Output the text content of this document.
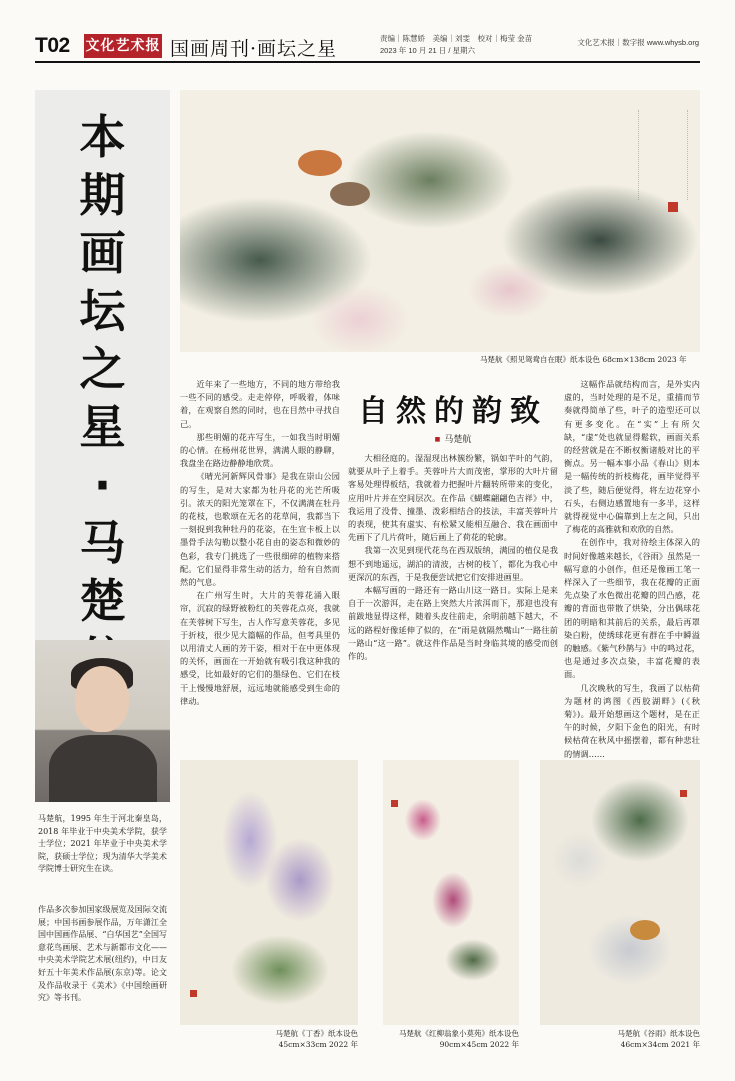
T02 文化艺术报 国画周刊·画坛之星	责编｜陈慧娇　美编｜刘雯　校对｜梅莹 金苗
2023 年 10 月 21 日 / 星期六
文化艺术报｜数字报 www.whysb.org
本
期
画
坛
之
星
·
马
楚
马楚航，1995 年生于河北秦皇岛，2018 年毕业于中央美术学院，获学士学位；2021 年毕业于中央美术学院，获硕士学位；现为清华大学美术学院博士研究生在读。
作品多次参加国家级展览及国际交流展；中国书画参展作品，万年潇江全国中国画作品展、“白华国艺”全国写意花鸟画展、艺术与新都市文化——中央美术学院艺术展(纽约)，中日友好五十年美术作品展(东京)等。论文及作品收录于《美术》《中国绘画研究》等书刊。
马楚航《照见鸳鸯自在眠》纸本设色 68cm×138cm 2023 年

近年来了一些地方，不同的地方带给我一些不同的感受。走走停停，呼吸着，体味着，在观察自然的同时，也在目然中寻找自己。

那些明媚的花卉写生，一如我当时明媚的心情。在杨州花世界，满满人眼的静聊，我盘坐在路边静静地欣赏。

《晴光河新辉风骨事》是我在崇山公园的写生，是对大家都为牡丹花的光芒所吸引。浓天的阳光笼罩在下，不仅满满在牡丹的花枝，也歌颂在无名的花草间，我都当下一刻捉到我种牡丹的花姿，在生宣卡板上以墨骨手法勾勒以整小花自由的姿态和微妙的色彩，我专门挑选了一些很细碎的植物来搭配。它们显得非常生动的活力，给有自然而然的气息。

在广州写生时，大片的芙蓉花涌入眼帘，沉寂的绿野被粉红的芙蓉花点亮，我就在芙蓉树下写生，古人作写意芙蓉花，多见于折枝，很少见大篇幅的作品，但考具里仍以用清丈人画的芳干姿，相对于在中更体现的关怀，画面在一开始就有吸引我这种我的感受，比如最好的它们的墨绿色、它们在枝干上慢慢地舒展，远远地就能感受到生命的律动。

自然的韵致
■ 马楚航

大相径庭的。湿湿现出林簇纷繁，锅如芋叶的气韵，就要从叶子上着手。芙蓉叶片大而茂密，掌形的大叶片留客易处理得板结，我就着力把握叶片翻转所带来的变化，应用叶片并在空间层次。在作品《蝴蝶翩翩色吉祥》中，我运用了没骨、撞墨、泼彩相结合的技法，丰富芙蓉叶片的表现，使其有虚实、有松紧又能相互融合、我在画面中先画下了几片荷叶，随后画上了荷花的轮廓。

我第一次见到现代花鸟在西双版纳，满园的植仪是我想不到地遥远，湖泊的清波，古树的枝丫，都化为我心中更深沉的东西，于是我便尝试把它们安排进画里。

本幅写画的一路还有一路山川这一路日。实际上是来自于一次游洱，走在路上突然大片浓洱而下，那迎也没有前跋地显得这样，随着头皮往前走，余明前越下越大，不远的路程好像延伸了似的，在“雨是就隔然嘴山”一路往前一路山“这一路”。就这件作品是当时身临其境的感受而创作的。

这幅作品就结构而言，是外实内虚的，当时处理的是不足，重描而节奏就得简单了些，叶子的造型还可以有更多变化。在“实”上有所欠缺，“虚”处也就显得鬆软，画面关系的经营就是在不断权衡诸般对比的平衡点。另一幅本事小品《春山》则本是一幅传统的折枝梅花，画毕觉得平淡了些，随后便觉得，将左边花穿小石头，右侧边感置地有一多半，这样就得视觉中心偏靠到上左之间，只出了梅花的高雅就和欢欣的自然。

在创作中，我对待绘主体深入的时间好像越来越长，《谷雨》虽然是一幅写意的小创作，但还是像画工笔一样深入了一些细节，我在花瓣的正面先点染了水色微出花瓣的凹凸感，花瓣的背面也带散了烘染，分出偶球花团的明暗和其前后的关系，最后再罩染白粉，使绣球花更有群在手中瞬溢的触感。《紫气秒鹊与》中的鸣过花，也是通过多次点染，丰富花瓣的表面。

几次晚秋的写生，我画了以枯荷为题材的鸿图《西胶湖畔》(《秋菊》)。最开始想画这个题材，是在正午的时候，夕阳下金色的阳光，有时候枯荷在秋风中摇摆着，都有种悲壮的情调……

马楚航《丁香》纸本设色
45cm×33cm 2022 年
马楚航《红柳翁象小莫苑》纸本设色
90cm×45cm 2022 年
马楚航《谷雨》纸本设色
46cm×34cm 2021 年
